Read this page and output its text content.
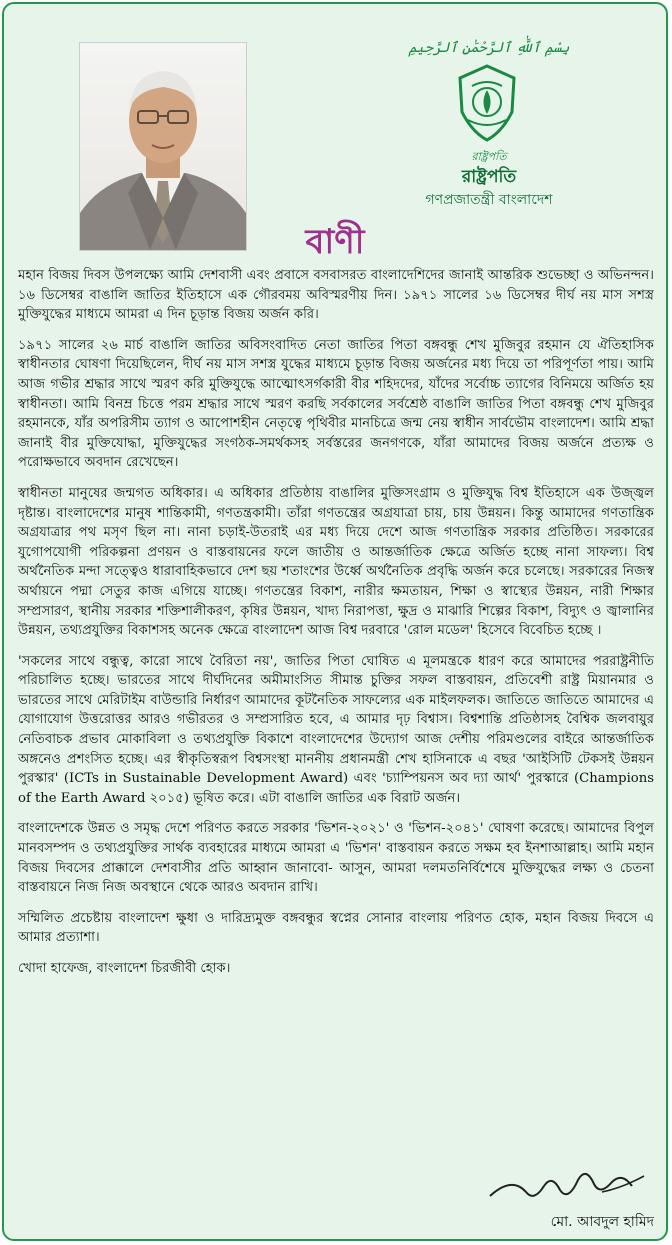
بِسْمِ ٱللَّٰهِ ٱلرَّحْمَٰنِ ٱلرَّحِيمِ
রাষ্ট্রপতি
রাষ্ট্রপতি
গণপ্রজাতন্ত্রী বাংলাদেশ
বাণী

মহান বিজয় দিবস উপলক্ষ্যে আমি দেশবাসী এবং প্রবাসে বসবাসরত বাংলাদেশিদের জানাই আন্তরিক শুভেচ্ছা ও অভিনন্দন। ১৬ ডিসেম্বর বাঙালি জাতির ইতিহাসে এক গৌরবময় অবিস্মরণীয় দিন। ১৯৭১ সালের ১৬ ডিসেম্বর দীর্ঘ নয় মাস সশস্ত্র মুক্তিযুদ্ধের মাধ্যমে আমরা এ দিন চূড়ান্ত বিজয় অর্জন করি।

১৯৭১ সালের ২৬ মার্চ বাঙালি জাতির অবিসংবাদিত নেতা জাতির পিতা বঙ্গবন্ধু শেখ মুজিবুর রহমান যে ঐতিহাসিক স্বাধীনতার ঘোষণা দিয়েছিলেন, দীর্ঘ নয় মাস সশস্ত্র যুদ্ধের মাধ্যমে চূড়ান্ত বিজয় অর্জনের মধ্য দিয়ে তা পরিপূর্ণতা পায়। আমি আজ গভীর শ্রদ্ধার সাথে স্মরণ করি মুক্তিযুদ্ধে আত্মোৎসর্গকারী বীর শহিদদের, যাঁদের সর্বোচ্চ ত্যাগের বিনিময়ে অর্জিত হয় স্বাধীনতা। আমি বিনম্র চিত্তে পরম শ্রদ্ধার সাথে স্মরণ করছি সর্বকালের সর্বশ্রেষ্ঠ বাঙালি জাতির পিতা বঙ্গবন্ধু শেখ মুজিবুর রহমানকে, যাঁর অপরিসীম ত্যাগ ও আপোশহীন নেতৃত্বে পৃথিবীর মানচিত্রে জন্ম নেয় স্বাধীন সার্বভৌম বাংলাদেশ। আমি শ্রদ্ধা জানাই বীর মুক্তিযোদ্ধা, মুক্তিযুদ্ধের সংগঠক-সমর্থকসহ সর্বস্তরের জনগণকে, যাঁরা আমাদের বিজয় অর্জনে প্রত্যক্ষ ও পরোক্ষভাবে অবদান রেখেছেন।

স্বাধীনতা মানুষের জন্মগত অধিকার। এ অধিকার প্রতিষ্ঠায় বাঙালির মুক্তিসংগ্রাম ও মুক্তিযুদ্ধ বিশ্ব ইতিহাসে এক উজ্জ্বল দৃষ্টান্ত। বাংলাদেশের মানুষ শান্তিকামী, গণতন্ত্রকামী। তাঁরা গণতন্ত্রের অগ্রযাত্রা চায়, চায় উন্নয়ন। কিন্তু আমাদের গণতান্ত্রিক অগ্রযাত্রার পথ মসৃণ ছিল না। নানা চড়াই-উতরাই এর মধ্য দিয়ে দেশে আজ গণতান্ত্রিক সরকার প্রতিষ্ঠিত। সরকারের যুগোপযোগী পরিকল্পনা প্রণয়ন ও বাস্তবায়নের ফলে জাতীয় ও আন্তর্জাতিক ক্ষেত্রে অর্জিত হচ্ছে নানা সাফল্য। বিশ্ব অর্থনৈতিক মন্দা সত্ত্বেও ধারাবাহিকভাবে দেশ ছয় শতাংশের উর্ধ্বে অর্থনৈতিক প্রবৃদ্ধি অর্জন করে চলেছে। সরকারের নিজস্ব অর্থায়নে পদ্মা সেতুর কাজ এগিয়ে যাচ্ছে। গণতন্ত্রের বিকাশ, নারীর ক্ষমতায়ন, শিক্ষা ও স্বাস্থ্যের উন্নয়ন, নারী শিক্ষার সম্প্রসারণ, স্থানীয় সরকার শক্তিশালীকরণ, কৃষির উন্নয়ন, খাদ্য নিরাপত্তা, ক্ষুদ্র ও মাঝারি শিল্পের বিকাশ, বিদ্যুৎ ও জ্বালানির উন্নয়ন, তথ্যপ্রযুক্তির বিকাশসহ অনেক ক্ষেত্রে বাংলাদেশ আজ বিশ্ব দরবারে 'রোল মডেল' হিসেবে বিবেচিত হচ্ছে ।

'সকলের সাথে বন্ধুত্ব, কারো সাথে বৈরিতা নয়', জাতির পিতা ঘোষিত এ মূলমন্ত্রকে ধারণ করে আমাদের পররাষ্ট্রনীতি পরিচালিত হচ্ছে। ভারতের সাথে দীর্ঘদিনের অমীমাংসিত সীমান্ত চুক্তির সফল বাস্তবায়ন, প্রতিবেশী রাষ্ট্র মিয়ানমার ও ভারতের সাথে মেরিটাইম বাউন্ডারি নির্ধারণ আমাদের কূটনৈতিক সাফল্যের এক মাইলফলক। জাতিতে জাতিতে আমাদের এ যোগাযোগ উত্তরোত্তর আরও গভীরতর ও সম্প্রসারিত হবে, এ আমার দৃঢ় বিশ্বাস। বিশ্বশান্তি প্রতিষ্ঠাসহ বৈশ্বিক জলবায়ুর নেতিবাচক প্রভাব মোকাবিলা ও তথ্যপ্রযুক্তি বিকাশে বাংলাদেশের উদ্যোগ আজ দেশীয় পরিমণ্ডলের বাইরে আন্তর্জাতিক অঙ্গনেও প্রশংসিত হচ্ছে। এর স্বীকৃতিস্বরূপ বিশ্বসংস্থা মাননীয় প্রধানমন্ত্রী শেখ হাসিনাকে এ বছর 'আইসিটি টেকসই উন্নয়ন পুরস্কার' (ICTs in Sustainable Development Award) এবং 'চ্যাম্পিয়নস অব দ্যা আর্থ' পুরস্কারে (Champions of the Earth Award ২০১৫) ভূষিত করে। এটা বাঙালি জাতির এক বিরাট অর্জন।

বাংলাদেশকে উন্নত ও সমৃদ্ধ দেশে পরিণত করতে সরকার 'ভিশন-২০২১' ও 'ভিশন-২০৪১' ঘোষণা করেছে। আমাদের বিপুল মানবসম্পদ ও তথ্যপ্রযুক্তির সার্থক ব্যবহারের মাধ্যমে আমরা এ 'ভিশন' বাস্তবায়ন করতে সক্ষম হব ইনশাআল্লাহ। আমি মহান বিজয় দিবসের প্রাক্কালে দেশবাসীর প্রতি আহ্বান জানাবো- আসুন, আমরা দলমতনির্বিশেষে মুক্তিযুদ্ধের লক্ষ্য ও চেতনা বাস্তবায়নে নিজ নিজ অবস্থানে থেকে আরও অবদান রাখি।

সম্মিলিত প্রচেষ্টায় বাংলাদেশ ক্ষুধা ও দারিদ্র্যমুক্ত বঙ্গবন্ধুর স্বপ্নের সোনার বাংলায় পরিণত হোক, মহান বিজয় দিবসে এ আমার প্রত্যাশা।

খোদা হাফেজ, বাংলাদেশ চিরজীবী হোক।

মো. আবদুল হামিদ
